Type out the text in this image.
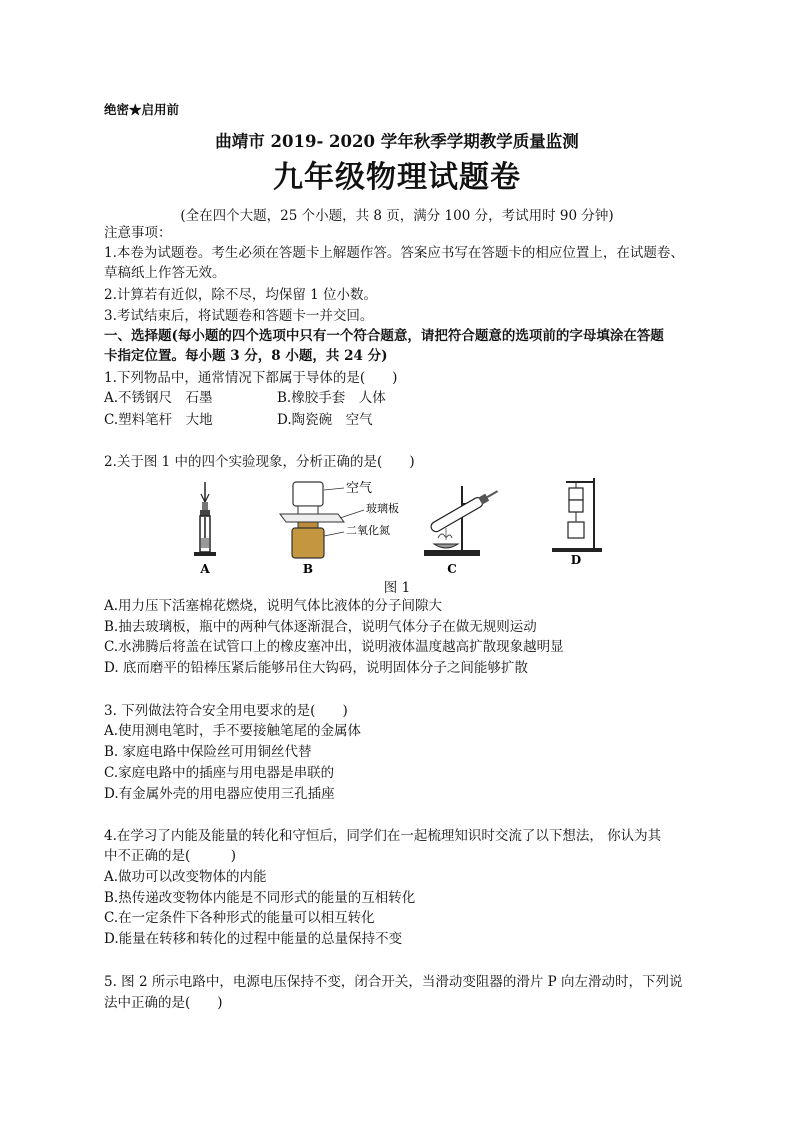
绝密★启用前
曲靖市 2019- 2020 学年秋季学期教学质量监测
九年级物理试题卷
(全在四个大题，25 个小题，共 8 页，满分 100 分，考试用时 90 分钟)
注意事项：
1.本卷为试题卷。考生必须在答题卡上解题作答。答案应书写在答题卡的相应位置上，在试题卷、
草稿纸上作答无效。
2.计算若有近似，除不尽，均保留 1 位小数。
3.考试结束后，将试题卷和答题卡一并交回。
一、选择题(每小题的四个选项中只有一个符合题意，请把符合题意的选项前的字母填涂在答题
卡指定位置。每小题 3 分，8 小题，共 24 分)
1.下列物品中，通常情况下都属于导体的是(　　)
A.不锈钢尺　石墨	B.橡胶手套　人体
C.塑料笔杆　大地	D.陶瓷碗　空气
2.关于图 1 中的四个实验现象，分析正确的是(　　)
A
空气
玻璃板
二氧化氮
B	C
D
图 1
A.用力压下活塞棉花燃烧，说明气体比液体的分子间隙大
B.抽去玻璃板，瓶中的两种气体逐渐混合，说明气体分子在做无规则运动
C.水沸腾后将盖在试管口上的橡皮塞冲出，说明液体温度越高扩散现象越明显
D. 底而磨平的铅棒压紧后能够吊住大钩码，说明固体分子之间能够扩散
3. 下列做法符合安全用电要求的是(　　)
A.使用测电笔时，手不要接触笔尾的金属体
B. 家庭电路中保险丝可用铜丝代替
C.家庭电路中的插座与用电器是串联的
D.有金属外壳的用电器应使用三孔插座
4.在学习了内能及能量的转化和守恒后，同学们在一起梳理知识时交流了以下想法， 你认为其
中不正确的是(　　　)
A.做功可以改变物体的内能
B.热传递改变物体内能是不同形式的能量的互相转化
C.在一定条件下各种形式的能量可以相互转化
D.能量在转移和转化的过程中能量的总量保持不变
5. 图 2 所示电路中，电源电压保持不变，闭合开关，当滑动变阻器的滑片 P 向左滑动时，下列说
法中正确的是(　　)
